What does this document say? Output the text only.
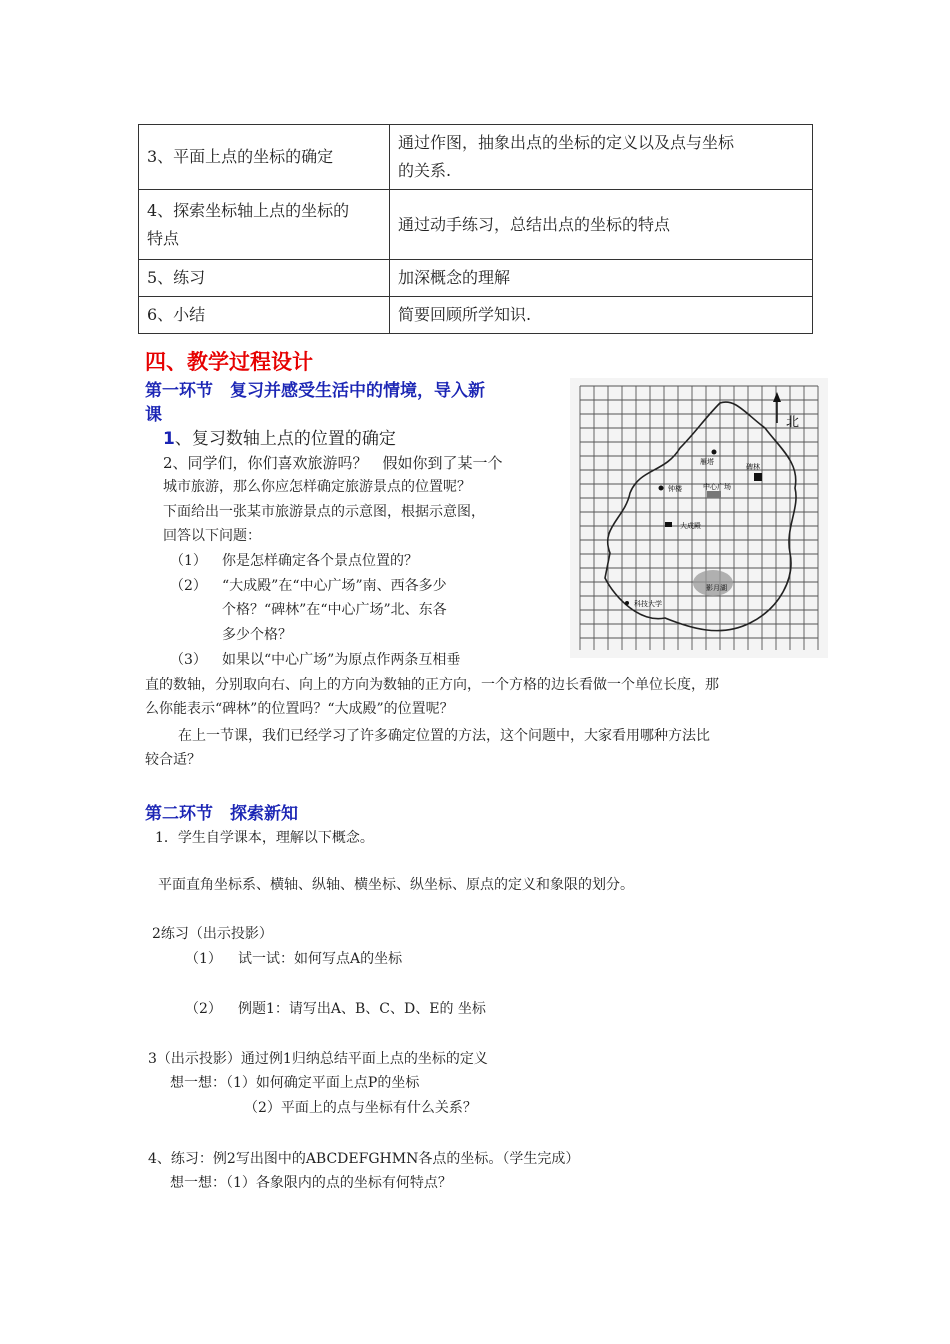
3、平面上点的坐标的确定	通过作图，抽象出点的坐标的定义以及点与坐标
的关系.

4、探索坐标轴上点的坐标的
特点	通过动手练习，总结出点的坐标的特点
5、练习	加深概念的理解
6、小结	简要回顾所学知识.
四、教学过程设计
第一环节　复习并感受生活中的情境，导入新
课
1、复习数轴上点的位置的确定
2、同学们，你们喜欢旅游吗？　假如你到了某一个
城市旅游，那么你应怎样确定旅游景点的位置呢？
下面给出一张某市旅游景点的示意图，根据示意图，
回答以下问题：
（1） 你是怎样确定各个景点位置的？
（2） “大成殿”在“中心广场”南、西各多少
个格？“碑林”在“中心广场”北、东各
多少个格？
（3） 如果以“中心广场”为原点作两条互相垂
直的数轴，分别取向右、向上的方向为数轴的正方向，一个方格的边长看做一个单位长度，那
么你能表示“碑林”的位置吗？“大成殿”的位置呢？
在上一节课，我们已经学习了许多确定位置的方法，这个问题中，大家看用哪种方法比
较合适？
北
雁塔
碑林
钟楼	中心广场
大成殿
影月湖
科技大学
第二环节　探索新知
1．学生自学课本，理解以下概念。
平面直角坐标系、横轴、纵轴、横坐标、纵坐标、原点的定义和象限的划分。
2练习（出示投影）
（1） 试一试：如何写点A的坐标
（2） 例题1：请写出A、B、C、D、E的 坐标
3（出示投影）通过例1归纳总结平面上点的坐标的定义
想一想：（1）如何确定平面上点P的坐标
（2）平面上的点与坐标有什么关系？
4、练习：例2写出图中的ABCDEFGHMN各点的坐标。（学生完成）
想一想：（1）各象限内的点的坐标有何特点？
